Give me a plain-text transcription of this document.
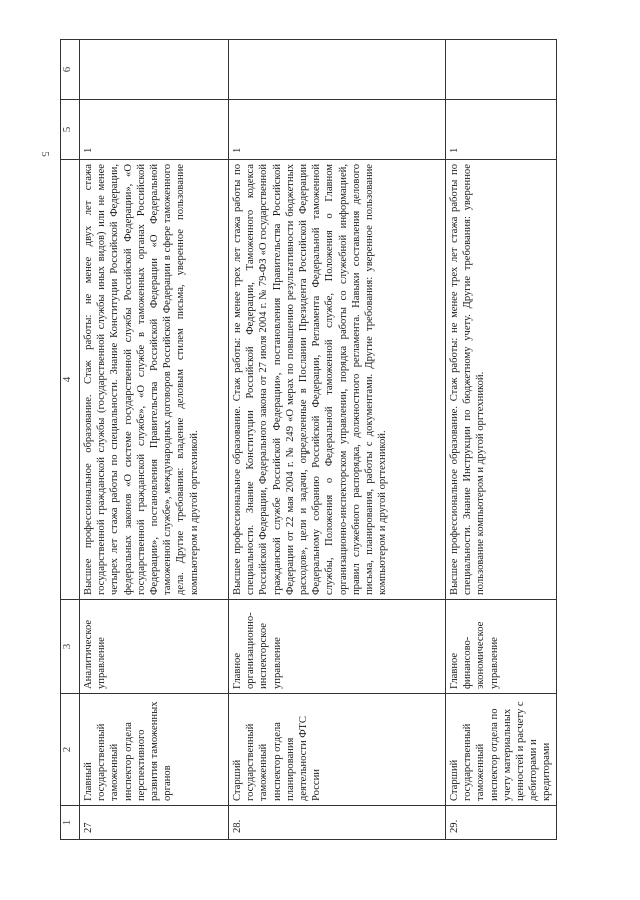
5
1	2	3	4	5	6
27	Главный государственный таможенный инспектор отдела перспективного развития таможенных органов	Аналитическое управление	Высшее профессиональное образование. Стаж работы: не менее двух лет стажа государственной гражданской службы (государственной службы иных видов) или не менее четырех лет стажа работы по специальности. Знание Конституции Российской Федерации, федеральных законов «О системе государственной службы Российской Федерации», «О государственной гражданской службе», «О службе в таможенных органах Российской Федерации», постановления Правительства Российской Федерации «О Федеральной таможенной службе», международных договоров Российской Федерации в сфере таможенного дела. Другие требования: владение деловым стилем письма, уверенное пользование компьютером и другой оргтехникой.	1	
28.	Старший государственный таможенный инспектор отдела планирования деятельности ФТС России	Главное организационно-инспекторское управление	Высшее профессиональное образование. Стаж работы: не менее трех лет стажа работы по специальности. Знание Конституции Российской Федерации, Таможенного кодекса Российской Федерации, Федерального закона от 27 июля 2004 г. № 79-ФЗ «О государственной гражданской службе Российской Федерации», постановления Правительства Российской Федерации от 22 мая 2004 г. № 249 «О мерах по повышению результативности бюджетных расходов», цели и задачи, определенные в Послании Президента Российской Федерации Федеральному собранию Российской Федерации, Регламента Федеральной таможенной службы, Положения о Федеральной таможенной службе, Положения о Главном организационно-инспекторском управлении, порядка работы со служебной информацией, правил служебного распорядка, должностного регламента. Навыки составления делового письма, планирования, работы с документами. Другие требования: уверенное пользование компьютером и другой оргтехникой.	1	
29.	Старший государственный таможенный инспектор отдела по учету материальных ценностей и расчету с дебиторами и кредиторами	Главное финансово-экономическое управление	Высшее профессиональное образование. Стаж работы: не менее трех лет стажа работы по специальности. Знание Инструкции по бюджетному учету. Другие требования: уверенное пользование компьютером и другой оргтехникой.	1	
